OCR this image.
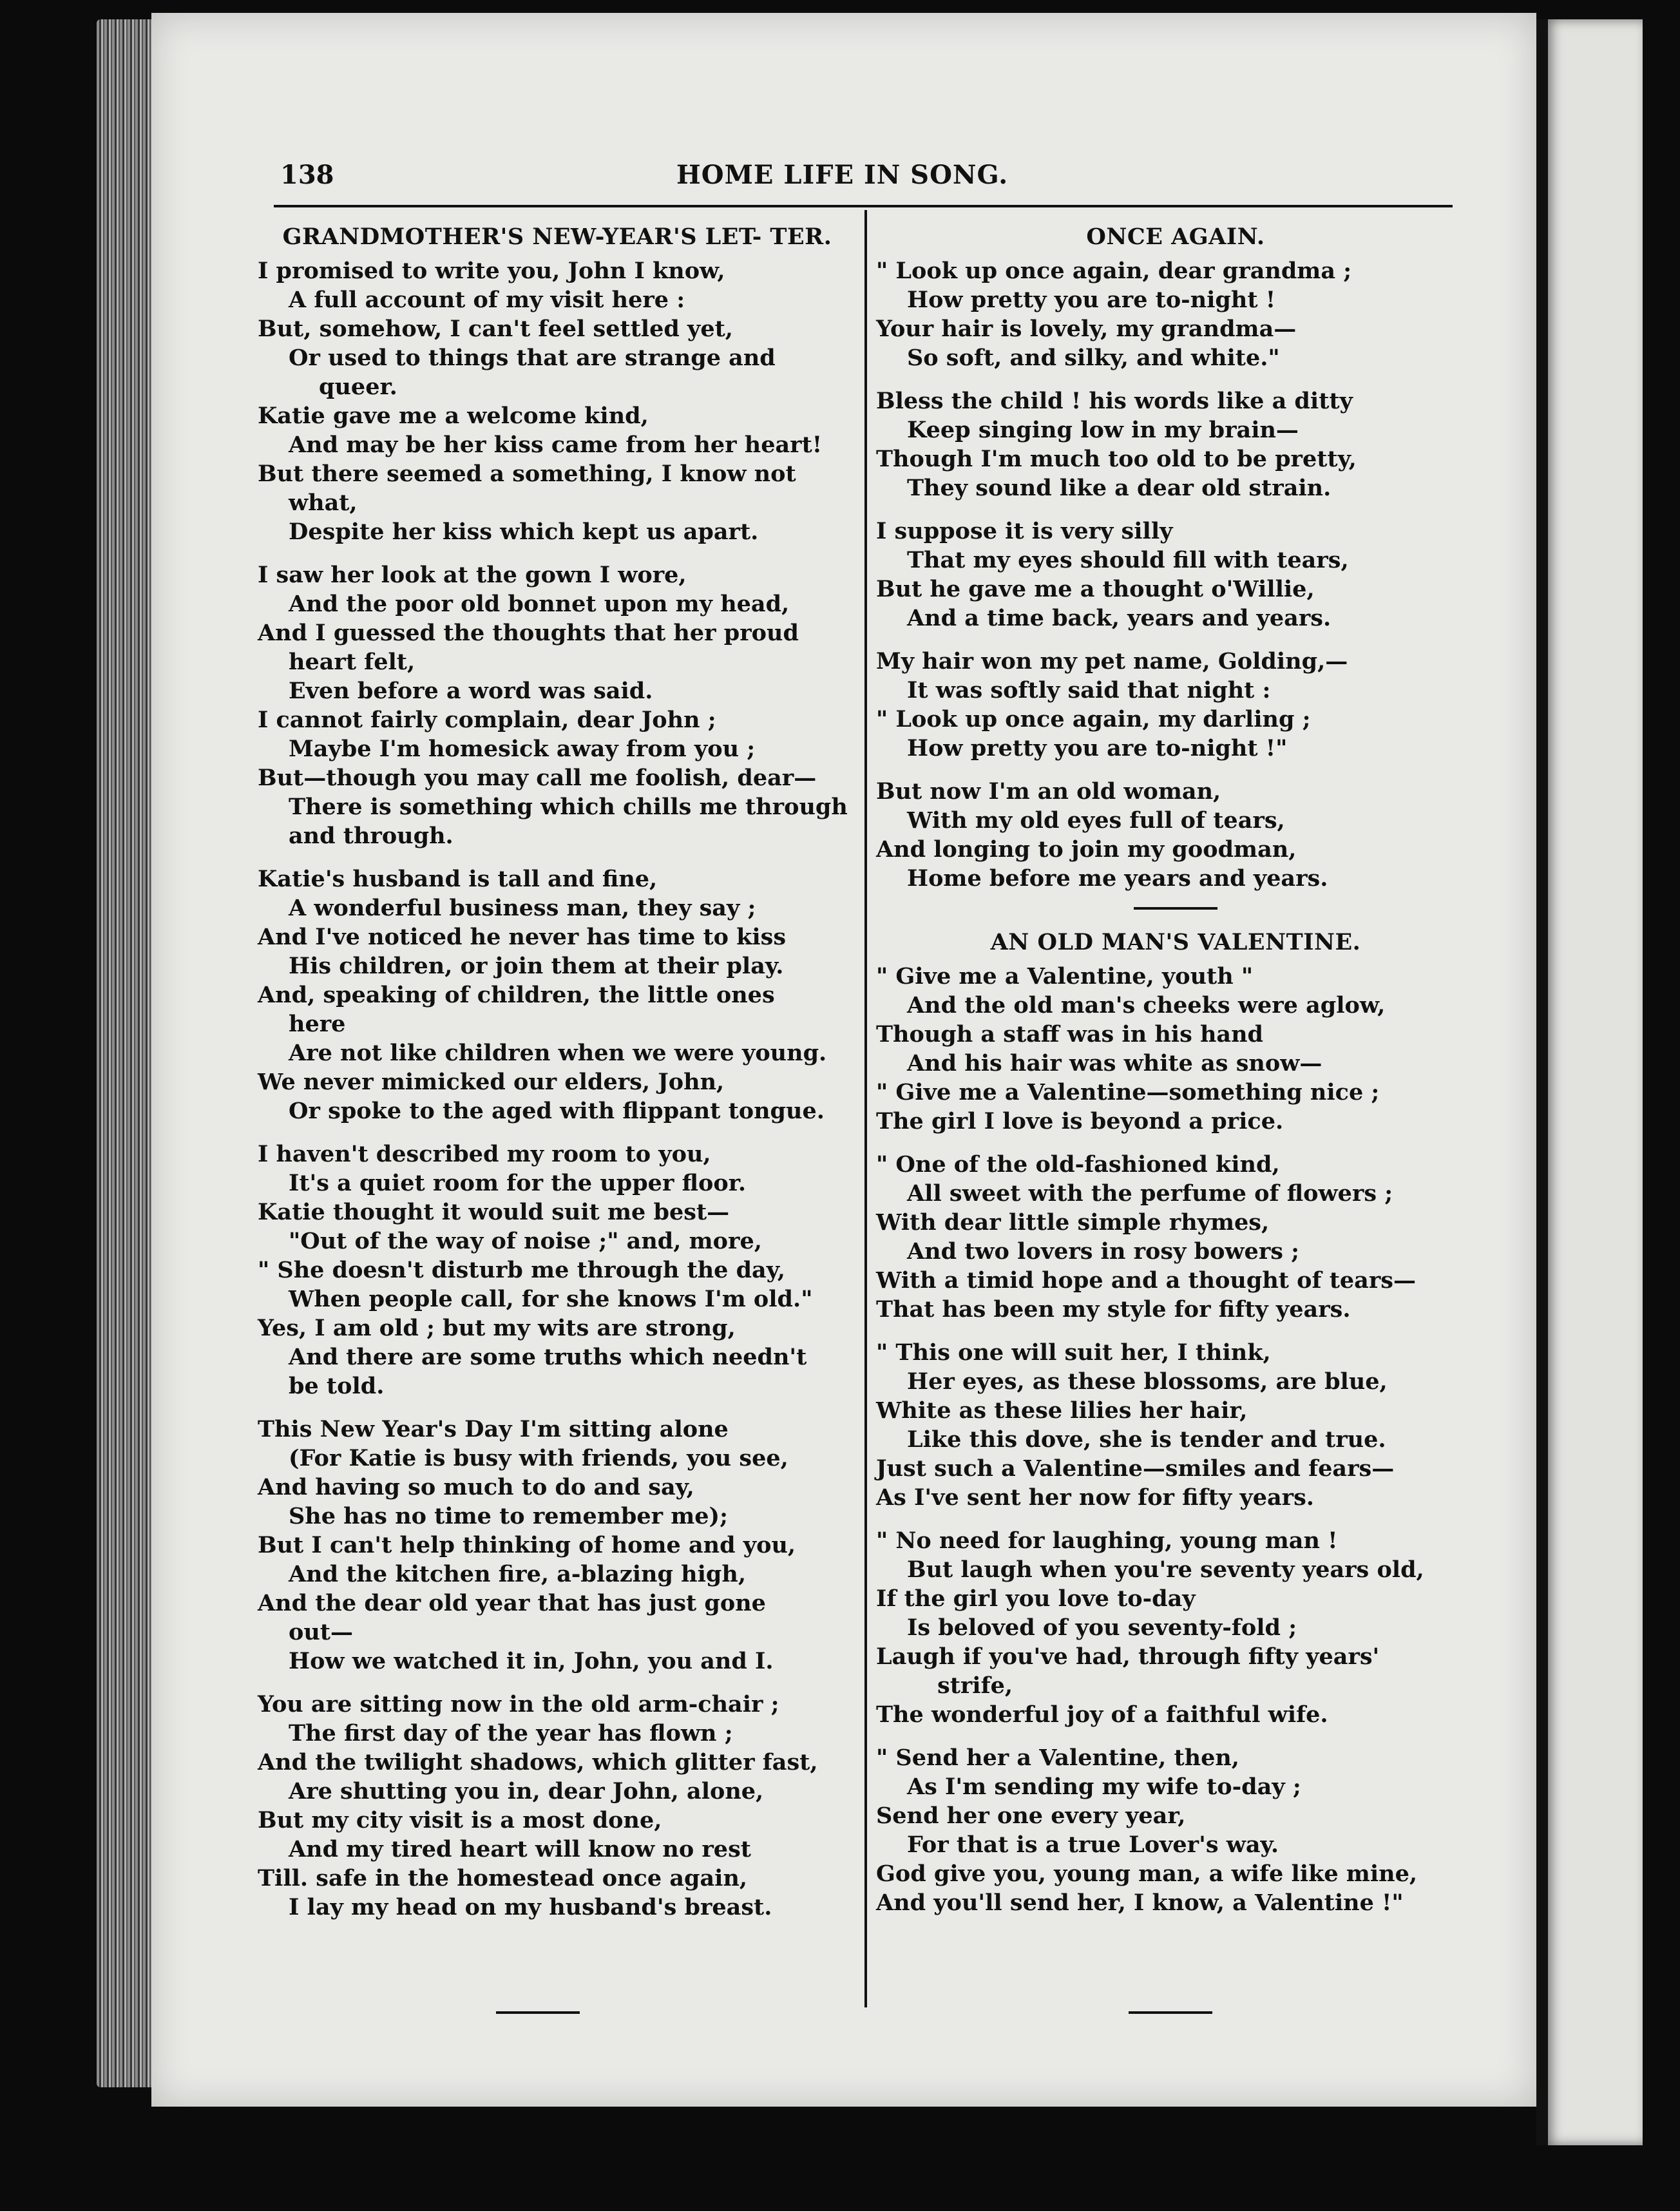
138	HOME LIFE IN SONG.
GRANDMOTHER'S NEW-YEAR'S LET- TER.
I promised to write you, John I know,
A full account of my visit here :
But, somehow, I can't feel settled yet,
Or used to things that are strange and
queer.
Katie gave me a welcome kind,
And may be her kiss came from her heart!
But there seemed a something, I know not
what,
Despite her kiss which kept us apart.
I saw her look at the gown I wore,
And the poor old bonnet upon my head,
And I guessed the thoughts that her proud
heart felt,
Even before a word was said.
I cannot fairly complain, dear John ;
Maybe I'm homesick away from you ;
But—though you may call me foolish, dear—
There is something which chills me through
and through.
Katie's husband is tall and fine,
A wonderful business man, they say ;
And I've noticed he never has time to kiss
His children, or join them at their play.
And, speaking of children, the little ones
here
Are not like children when we were young.
We never mimicked our elders, John,
Or spoke to the aged with flippant tongue.
I haven't described my room to you,
It's a quiet room for the upper floor.
Katie thought it would suit me best—
"Out of the way of noise ;" and, more,
" She doesn't disturb me through the day,
When people call, for she knows I'm old."
Yes, I am old ; but my wits are strong,
And there are some truths which needn't
be told.
This New Year's Day I'm sitting alone
(For Katie is busy with friends, you see,
And having so much to do and say,
She has no time to remember me);
But I can't help thinking of home and you,
And the kitchen fire, a-blazing high,
And the dear old year that has just gone
out—
How we watched it in, John, you and I.
You are sitting now in the old arm-chair ;
The first day of the year has flown ;
And the twilight shadows, which glitter fast,
Are shutting you in, dear John, alone,
But my city visit is a most done,
And my tired heart will know no rest
Till. safe in the homestead once again,
I lay my head on my husband's breast.
ONCE AGAIN.
" Look up once again, dear grandma ;
How pretty you are to-night !
Your hair is lovely, my grandma—
So soft, and silky, and white."
Bless the child ! his words like a ditty
Keep singing low in my brain—
Though I'm much too old to be pretty,
They sound like a dear old strain.
I suppose it is very silly
That my eyes should fill with tears,
But he gave me a thought o'Willie,
And a time back, years and years.
My hair won my pet name, Golding,—
It was softly said that night :
" Look up once again, my darling ;
How pretty you are to-night !"
But now I'm an old woman,
With my old eyes full of tears,
And longing to join my goodman,
Home before me years and years.
AN OLD MAN'S VALENTINE.
" Give me a Valentine, youth "
And the old man's cheeks were aglow,
Though a staff was in his hand
And his hair was white as snow—
" Give me a Valentine—something nice ;
The girl I love is beyond a price.
" One of the old-fashioned kind,
All sweet with the perfume of flowers ;
With dear little simple rhymes,
And two lovers in rosy bowers ;
With a timid hope and a thought of tears—
That has been my style for fifty years.
" This one will suit her, I think,
Her eyes, as these blossoms, are blue,
White as these lilies her hair,
Like this dove, she is tender and true.
Just such a Valentine—smiles and fears—
As I've sent her now for fifty years.
" No need for laughing, young man !
But laugh when you're seventy years old,
If the girl you love to-day
Is beloved of you seventy-fold ;
Laugh if you've had, through fifty years'
strife,
The wonderful joy of a faithful wife.
" Send her a Valentine, then,
As I'm sending my wife to-day ;
Send her one every year,
For that is a true Lover's way.
God give you, young man, a wife like mine,
And you'll send her, I know, a Valentine !"
